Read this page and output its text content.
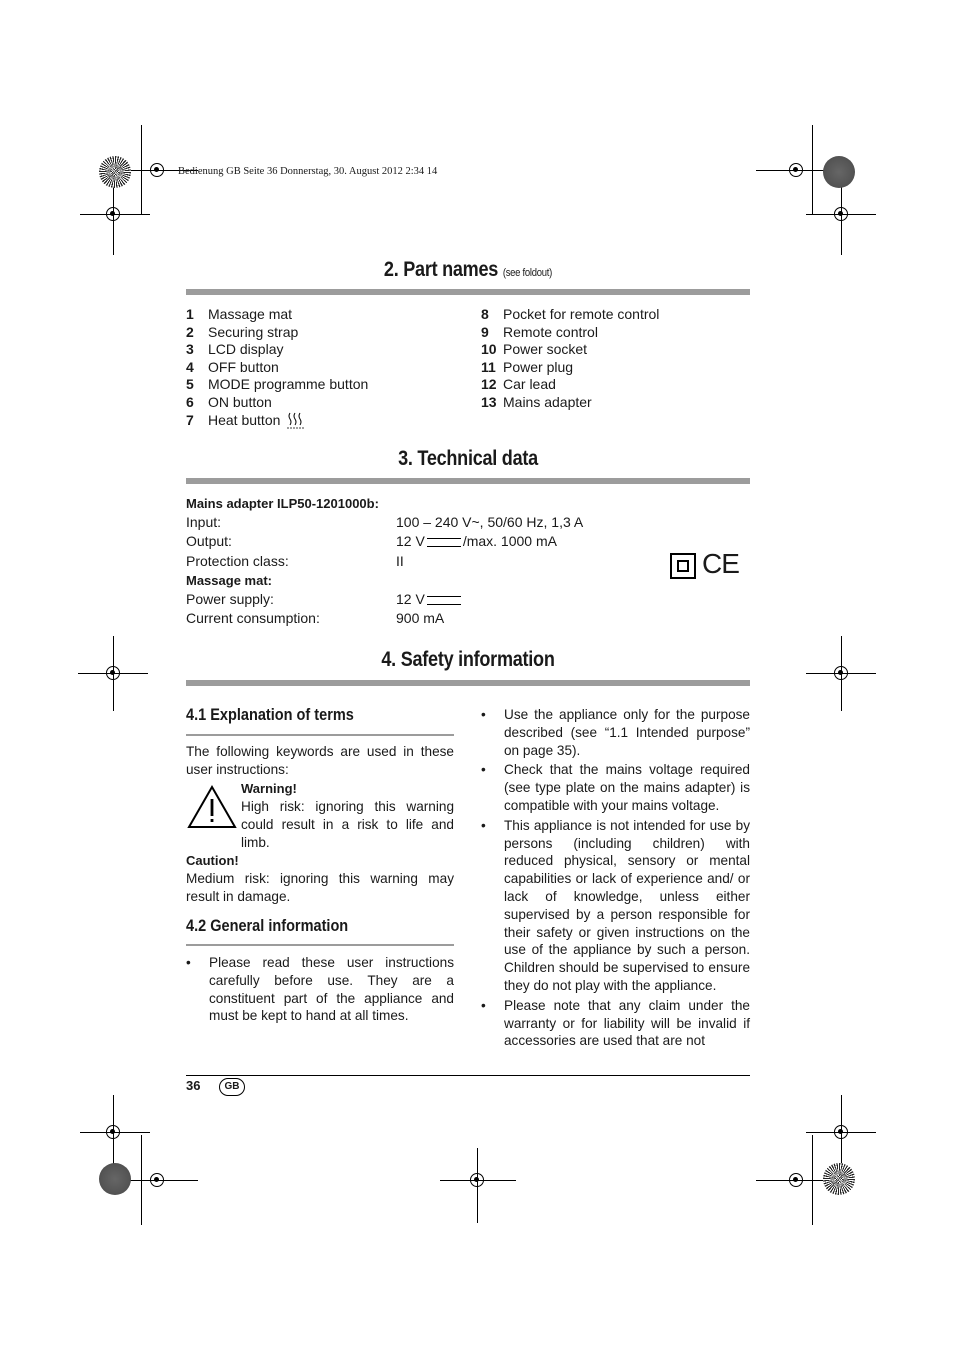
Bedienung GB Seite 36 Donnerstag, 30. August 2012 2:34 14
2. Part names (see foldout)
1	Massage mat
2	Securing strap
3	LCD display
4	OFF button
5	MODE programme button
6	ON button
7	Heat button
8	Pocket for remote control
9	Remote control
10 Power socket
11 Power plug
12 Car lead
13 Mains adapter
3. Technical data
Mains adapter ILP50-1201000b:
Input:	100 – 240 V~, 50/60 Hz, 1,3 A
Output:	12 V	/max. 1000 mA
Protection class:	II
Massage mat:
Power supply:	12 V
Current consumption:	900 mA
CE
4. Safety information
4.1 Explanation of terms
The following keywords are used in these user instructions:
Warning!
High risk: ignoring this warning could result in a risk to life and limb.
Caution!
Medium risk: ignoring this warning may result in damage.
4.2 General information
•	Please read these user instructions carefully before use. They are a constituent part of the appliance and must be kept to hand at all times.
•	Use the appliance only for the purpose described (see “1.1 Intended purpose” on page 35).
•	Check that the mains voltage required (see type plate on the mains adapter) is compatible with your mains voltage.
•	This appliance is not intended for use by persons (including children) with reduced physical, sensory or mental capabilities or lack of experience and/ or lack of knowledge, unless either supervised by a person responsible for their safety or given instructions on the use of the appliance by such a person. Children should be supervised to ensure they do not play with the appliance.
•	Please note that any claim under the warranty or for liability will be invalid if accessories are used that are not
36	GB
